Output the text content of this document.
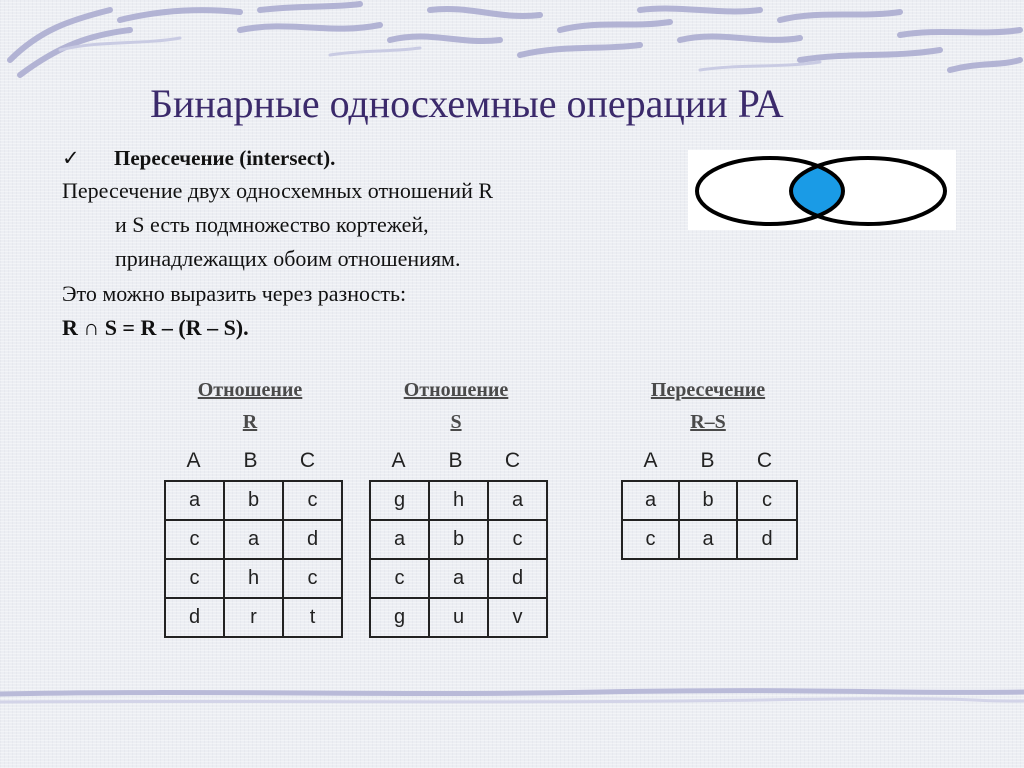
Бинарные односхемные операции РА
✓ Пересечение (intersect).
Пересечение двух односхемных отношений R
и S есть подмножество кортежей,
принадлежащих обоим отношениям.
Это можно выразить через разность:
R ∩ S = R – (R – S).
Отношение
R
A B C
a	b	c
c	a	d
c	h	c
d	r	t
Отношение
S
A B C
g	h	a
a	b	c
c	a	d
g	u	v
Пересечение
R–S
A B C
a	b	c
c	a	d
